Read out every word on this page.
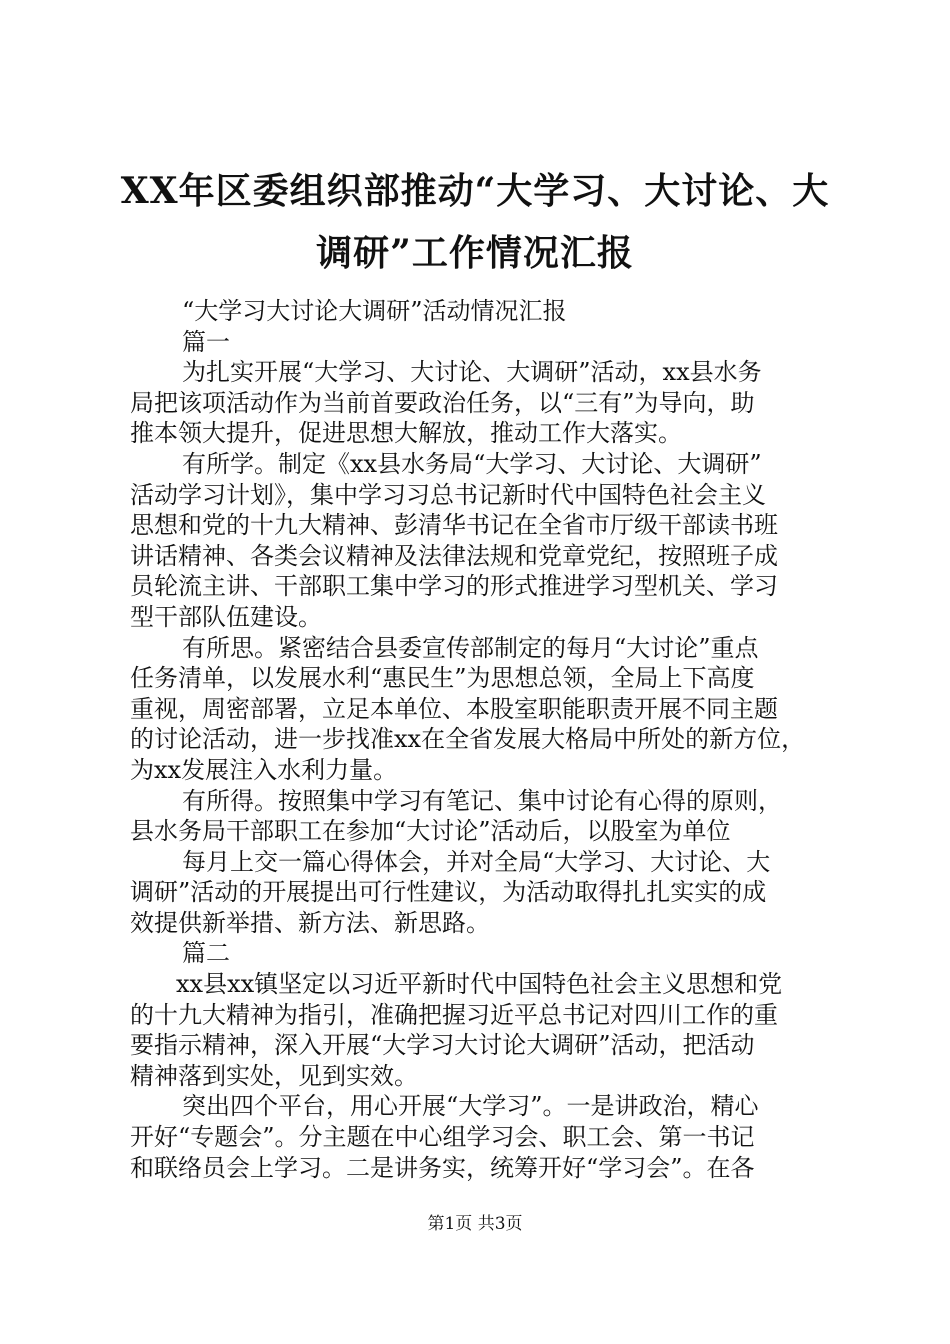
XX年区委组织部推动“大学习、大讨论、大
调研”工作情况汇报
“大学习大讨论大调研”活动情况汇报
篇一
为扎实开展“大学习、大讨论、大调研”活动，xx县水务
局把该项活动作为当前首要政治任务，以“三有”为导向，助
推本领大提升，促进思想大解放，推动工作大落实。
有所学。制定《xx县水务局“大学习、大讨论、大调研”
活动学习计划》，集中学习习总书记新时代中国特色社会主义
思想和党的十九大精神、彭清华书记在全省市厅级干部读书班
讲话精神、各类会议精神及法律法规和党章党纪，按照班子成
员轮流主讲、干部职工集中学习的形式推进学习型机关、学习
型干部队伍建设。
有所思。紧密结合县委宣传部制定的每月“大讨论”重点
任务清单，以发展水利“惠民生”为思想总领，全局上下高度
重视，周密部署，立足本单位、本股室职能职责开展不同主题
的讨论活动，进一步找准xx在全省发展大格局中所处的新方位，
为xx发展注入水利力量。
有所得。按照集中学习有笔记、集中讨论有心得的原则，
县水务局干部职工在参加“大讨论”活动后，以股室为单位
每月上交一篇心得体会，并对全局“大学习、大讨论、大
调研”活动的开展提出可行性建议，为活动取得扎扎实实的成
效提供新举措、新方法、新思路。
篇二
xx县xx镇坚定以习近平新时代中国特色社会主义思想和党
的十九大精神为指引，准确把握习近平总书记对四川工作的重
要指示精神，深入开展“大学习大讨论大调研”活动，把活动
精神落到实处，见到实效。
突出四个平台，用心开展“大学习”。一是讲政治，精心
开好“专题会”。分主题在中心组学习会、职工会、第一书记
和联络员会上学习。二是讲务实，统筹开好“学习会”。在各
第1页 共3页
